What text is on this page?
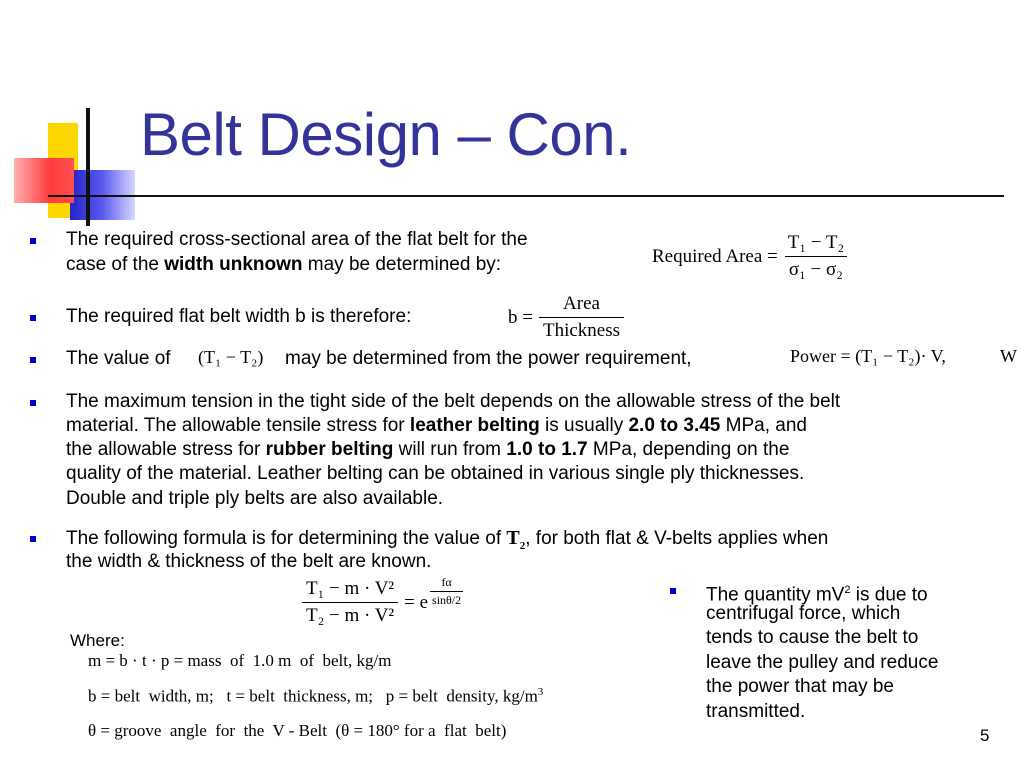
Belt Design – Con.
The required cross-sectional area of the flat belt for the
case of the width unknown may be determined by:	Required Area = $\frac{\text{T₁ − T₂}}{\text{σ₁ − σ₂}}$
The required flat belt width b is therefore:	$b = \frac{\text{Area}}{\text{Thickness}}$
The value of (T₁ − T₂) may be determined from the power requirement,	Power = (T₁ − T₂)· V,	W
The maximum tension in the tight side of the belt depends on the allowable stress of the belt
material. The allowable tensile stress for leather belting is usually 2.0 to 3.45 MPa, and
the allowable stress for rubber belting will run from 1.0 to 1.7 MPa, depending on the
quality of the material. Leather belting can be obtained in various single ply thicknesses.
Double and triple ply belts are also available.
The following formula is for determining the value of $T_2$, for both flat & V-belts applies when
the width & thickness of the belt are known.
$\frac{\text{T₁ − m · V²}}{\text{T₂ − m · V²}} = e \frac{f\alpha}{\sin\theta/2}$
Where:
m = b · t · p = mass  of  1.0 m  of  belt, kg/m
b = belt  width, m;   t = belt  thickness, m;   p = belt  density, $kg/m^3$
θ = groove  angle  for  the  V - Belt  (θ = 180° for a  flat  belt)
The quantity $mV^2$ is due to
centrifugal force, which
tends to cause the belt to
leave the pulley and reduce
the power that may be
transmitted.
5
